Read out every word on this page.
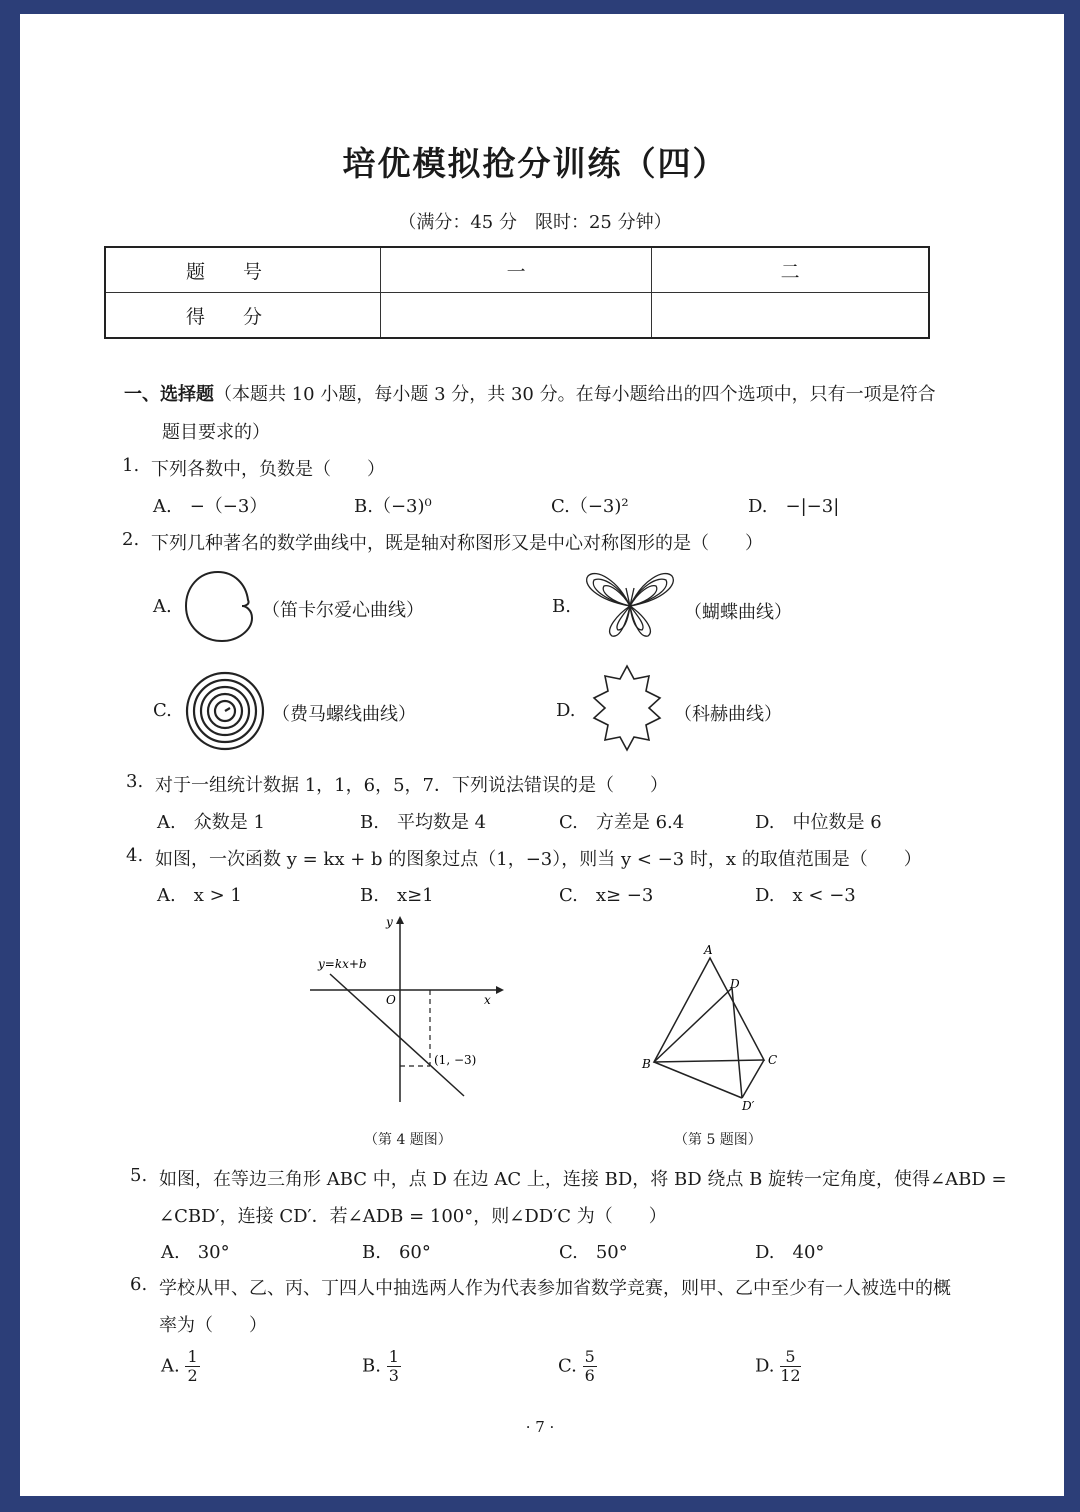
培优模拟抢分训练（四）
（满分：45 分　限时：25 分钟）
题号	一	二
得分		
一、选择题（本题共 10 小题，每小题 3 分，共 30 分。在每小题给出的四个选项中，只有一项是符合
题目要求的）
1. 下列各数中，负数是（　　）
A.　−（−3）	B.（−3)⁰	C.（−3)²	D.　−|−3|
2. 下列几种著名的数学曲线中，既是轴对称图形又是中心对称图形的是（　　）
A.	（笛卡尔爱心曲线）	B.	（蝴蝶曲线）
C.	（费马螺线曲线）	D.	（科赫曲线）
3. 对于一组统计数据 1，1，6，5，7．下列说法错误的是（　　）
A.　众数是 1	B.　平均数是 4	C.　方差是 6.4	D.　中位数是 6
4. 如图，一次函数 y = kx + b 的图象过点（1，−3），则当 y < −3 时，x 的取值范围是（　　）
A.　x > 1	B.　x≥1	C.　x≥ −3	D.　x < −3
y=kx+b
y
x
O
(1, −3)
（第 4 题图）
A
B	C
D
D′
（第 5 题图）
5. 如图，在等边三角形 ABC 中，点 D 在边 AC 上，连接 BD，将 BD 绕点 B 旋转一定角度，使得∠ABD =
∠CBD′，连接 CD′．若∠ADB = 100°，则∠DD′C 为（　　）
A.　30°	B.　60°	C.　50°	D.　40°
6. 学校从甲、乙、丙、丁四人中抽选两人作为代表参加省数学竞赛，则甲、乙中至少有一人被选中的概
率为（　　）
A. $\frac{1}{2}$	B. $\frac{1}{3}$	C. $\frac{5}{6}$	D. $\frac{5}{12}$
· 7 ·
